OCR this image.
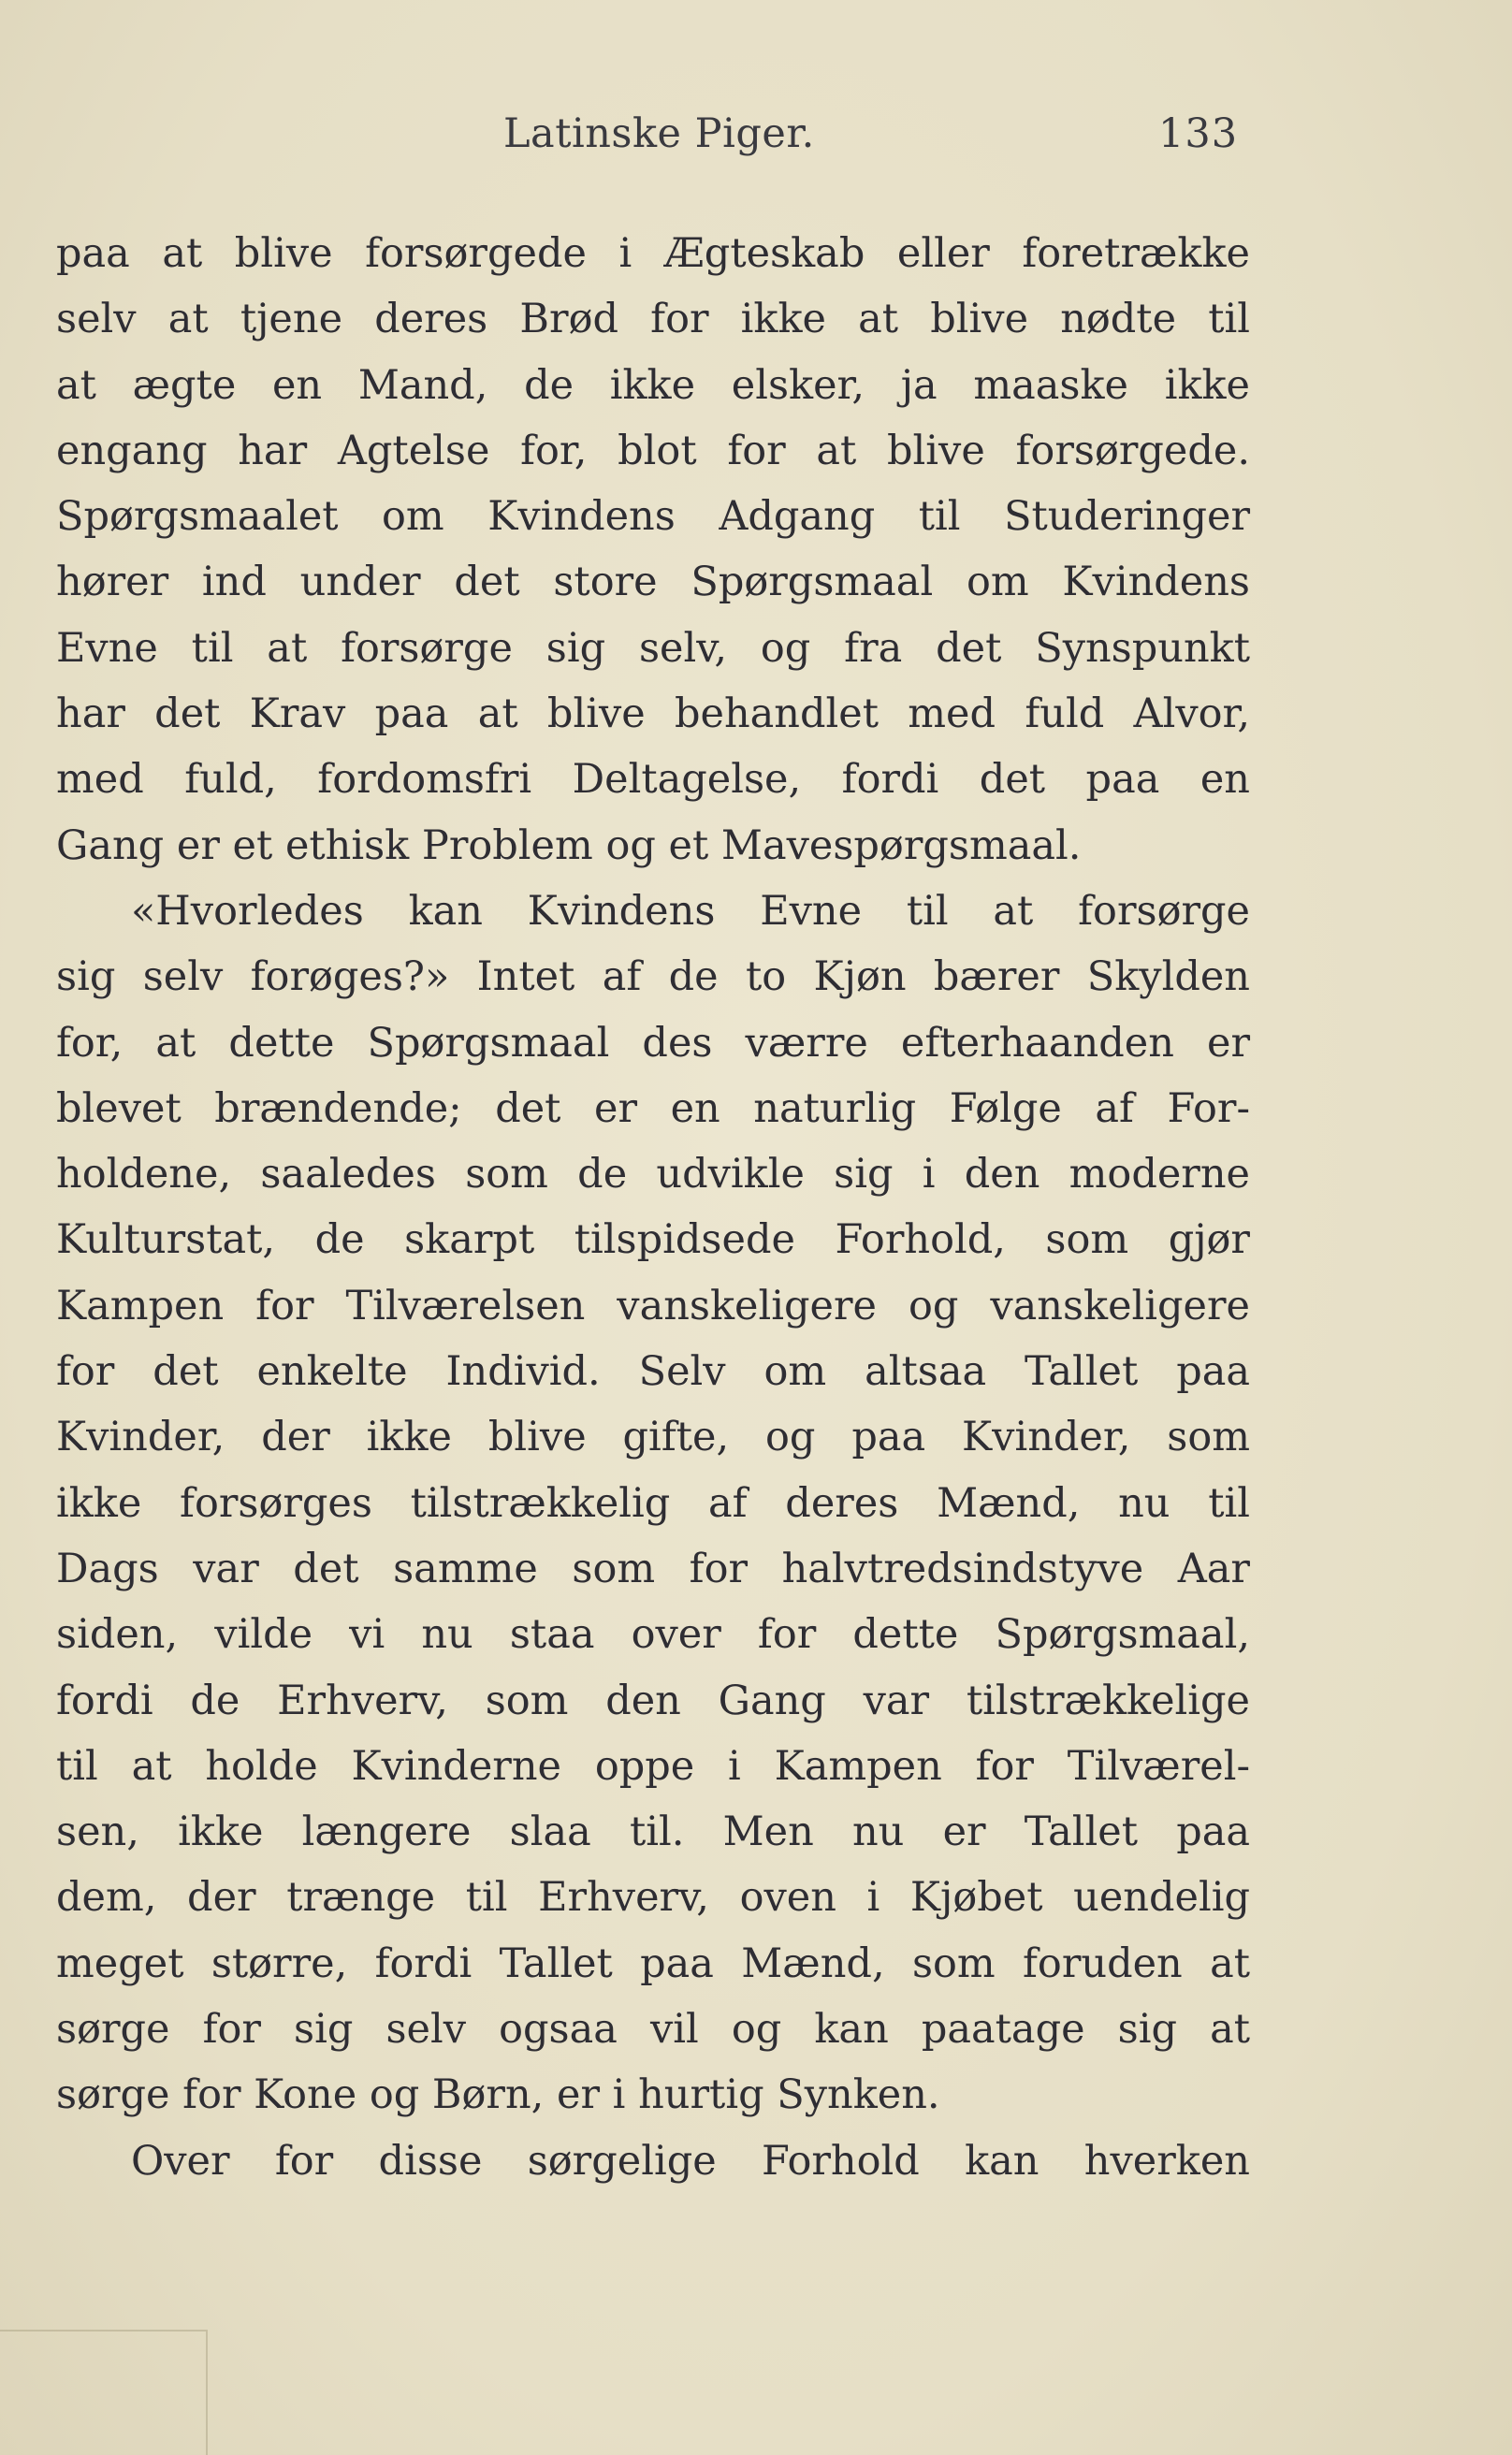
Latinske Piger.	133
paa at blive forsørgede i Ægteskab eller foretrække
selv at tjene deres Brød for ikke at blive nødte til
at ægte en Mand, de ikke elsker, ja maaske ikke
engang har Agtelse for, blot for at blive forsørgede.
Spørgsmaalet om Kvindens Adgang til Studeringer
hører ind under det store Spørgsmaal om Kvindens
Evne til at forsørge sig selv, og fra det Synspunkt
har det Krav paa at blive behandlet med fuld Alvor,
med fuld, fordomsfri Deltagelse, fordi det paa en
Gang er et ethisk Problem og et Mavespørgsmaal.
«Hvorledes kan Kvindens Evne til at forsørge
sig selv forøges?» Intet af de to Kjøn bærer Skylden
for, at dette Spørgsmaal des værre efterhaanden er
blevet brændende; det er en naturlig Følge af For-
holdene, saaledes som de udvikle sig i den moderne
Kulturstat, de skarpt tilspidsede Forhold, som gjør
Kampen for Tilværelsen vanskeligere og vanskeligere
for det enkelte Individ. Selv om altsaa Tallet paa
Kvinder, der ikke blive gifte, og paa Kvinder, som
ikke forsørges tilstrækkelig af deres Mænd, nu til
Dags var det samme som for halvtredsindstyve Aar
siden, vilde vi nu staa over for dette Spørgsmaal,
fordi de Erhverv, som den Gang var tilstrækkelige
til at holde Kvinderne oppe i Kampen for Tilværel-
sen, ikke længere slaa til. Men nu er Tallet paa
dem, der trænge til Erhverv, oven i Kjøbet uendelig
meget større, fordi Tallet paa Mænd, som foruden at
sørge for sig selv ogsaa vil og kan paatage sig at
sørge for Kone og Børn, er i hurtig Synken.
Over for disse sørgelige Forhold kan hverken
